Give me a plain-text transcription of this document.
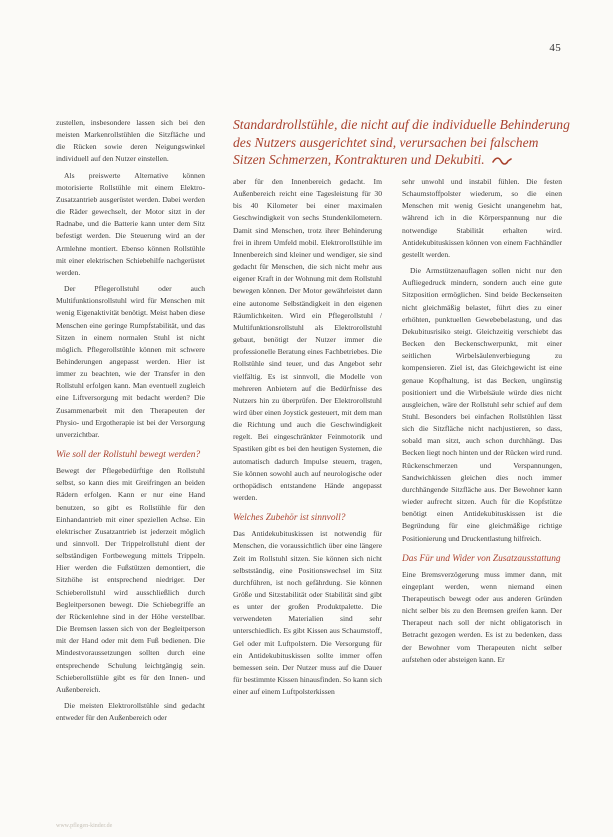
45
Standardrollstühle, die nicht auf die individuelle Behinderung des Nutzers ausgerichtet sind, verursachen bei falschem Sitzen Schmerzen, Kontrakturen und Dekubiti.

zustellen, insbesondere lassen sich bei den meisten Markenrollstühlen die Sitzfläche und die Rücken sowie deren Neigungswinkel individuell auf den Nutzer einstellen.

Als preiswerte Alternative können motorisierte Rollstühle mit einem Elektro-Zusatzantrieb ausgerüstet werden. Dabei werden die Räder gewechselt, der Motor sitzt in der Radnabe, und die Batterie kann unter dem Sitz befestigt werden. Die Steuerung wird an der Armlehne montiert. Ebenso können Rollstühle mit einer elektrischen Schiebehilfe nachgerüstet werden.

Der Pflegerollstuhl oder auch Multifunktionsrollstuhl wird für Menschen mit wenig Eigenaktivität benötigt. Meist haben diese Menschen eine geringe Rumpfstabilität, und das Sitzen in einem normalen Stuhl ist nicht möglich. Pflegerollstühle können mit schwere Behinderungen angepasst werden. Hier ist immer zu beachten, wie der Transfer in den Rollstuhl erfolgen kann. Man eventuell zugleich eine Liftversorgung mit bedacht werden? Die Zusammenarbeit mit den Therapeuten der Physio- und Ergotherapie ist bei der Versorgung unverzichtbar.

Wie soll der Rollstuhl bewegt werden?

Bewegt der Pflegebedürftige den Rollstuhl selbst, so kann dies mit Greifringen an beiden Rädern erfolgen. Kann er nur eine Hand benutzen, so gibt es Rollstühle für den Einhandantrieb mit einer speziellen Achse. Ein elektrischer Zusatzantrieb ist jederzeit möglich und sinnvoll. Der Trippelrollstuhl dient der selbständigen Fortbewegung mittels Trippeln. Hier werden die Fußstützen demontiert, die Sitzhöhe ist entsprechend niedriger. Der Schieberollstuhl wird ausschließlich durch Begleitpersonen bewegt. Die Schiebegriffe an der Rückenlehne sind in der Höhe verstellbar. Die Bremsen lassen sich von der Begleitperson mit der Hand oder mit dem Fuß bedienen. Die Mindestvoraussetzungen sollten durch eine entsprechende Schulung leichtgängig sein. Schieberollstühle gibt es für den Innen- und Außenbereich.

Die meisten Elektrorollstühle sind gedacht entweder für den Außenbereich oder

aber für den Innenbereich gedacht. Im Außenbereich reicht eine Tagesleistung für 30 bis 40 Kilometer bei einer maximalen Geschwindigkeit von sechs Stundenkilometern. Damit sind Menschen, trotz ihrer Behinderung frei in ihrem Umfeld mobil. Elektrorollstühle im Innenbereich sind kleiner und wendiger, sie sind gedacht für Menschen, die sich nicht mehr aus eigener Kraft in der Wohnung mit dem Rollstuhl bewegen können. Der Motor gewährleistet dann eine autonome Selbständigkeit in den eigenen Räumlichkeiten. Wird ein Pflegerollstuhl / Multifunktionsrollstuhl als Elektrorollstuhl gebaut, benötigt der Nutzer immer die professionelle Beratung eines Fachbetriebes. Die Rollstühle sind teuer, und das Angebot sehr vielfältig. Es ist sinnvoll, die Modelle von mehreren Anbietern auf die Bedürfnisse des Nutzers hin zu überprüfen. Der Elektrorollstuhl wird über einen Joystick gesteuert, mit dem man die Richtung und auch die Geschwindigkeit regelt. Bei eingeschränkter Feinmotorik und Spastiken gibt es bei den heutigen Systemen, die automatisch dadurch Impulse steuern, tragen, Sie können sowohl auch auf neurologische oder orthopädisch entstandene Hände angepasst werden.

Welches Zubehör ist sinnvoll?

Das Antidekubituskissen ist notwendig für Menschen, die voraussichtlich über eine längere Zeit im Rollstuhl sitzen. Sie können sich nicht selbstständig, eine Positionswechsel im Sitz durchführen, ist noch gefährdung. Sie können Größe und Sitzstabilität oder Stabilität sind gibt es unter der großen Produktpalette. Die verwendeten Materialien sind sehr unterschiedlich. Es gibt Kissen aus Schaumstoff, Gel oder mit Luftpolstern. Die Versorgung für ein Antidekubituskissen sollte immer offen bemessen sein. Der Nutzer muss auf die Dauer für bestimmte Kissen hinausfinden. So kann sich einer auf einem Luftpolsterkissen

sehr unwohl und instabil fühlen. Die festen Schaumstoffpolster wiederum, so die einen Menschen mit wenig Gesicht unangenehm hat, während ich in die Körperspannung nur die notwendige Stabilität erhalten wird. Antidekubituskissen können von einem Fachhändler gestellt werden.

Die Armstützenauflagen sollen nicht nur den Aufliegedruck mindern, sondern auch eine gute Sitzposition ermöglichen. Sind beide Beckenseiten nicht gleichmäßig belastet, führt dies zu einer erhöhten, punktuellen Gewebebelastung, und das Dekubitusrisiko steigt. Gleichzeitig verschiebt das Becken den Beckenschwerpunkt, mit einer seitlichen Wirbelsäulenverbiegung zu kompensieren. Ziel ist, das Gleichgewicht ist eine genaue Kopfhaltung, ist das Becken, ungünstig positioniert und die Wirbelsäule würde dies nicht ausgleichen, wäre der Rollstuhl sehr schief auf dem Stuhl. Besonders bei einfachen Rollstühlen lässt sich die Sitzfläche nicht nachjustieren, so dass, sobald man sitzt, auch schon durchhängt. Das Becken liegt noch hinten und der Rücken wird rund. Rückenschmerzen und Verspannungen, Sandwichkissen gleichen dies noch immer durchhängende Sitzfläche aus. Der Bewohner kann wieder aufrecht sitzen. Auch für die Kopfstütze benötigt einen Antidekubituskissen ist die Begründung für eine gleichmäßige richtige Positionierung und Druckentlastung hilfreich.

Das Für und Wider von Zusatzausstattung

Eine Bremsverzögerung muss immer dann, mit eingeplant werden, wenn niemand einen Therapeutisch bewegt oder aus anderen Gründen nicht selber bis zu den Bremsen greifen kann. Der Therapeut nach soll der nicht obligatorisch in Betracht gezogen werden. Es ist zu bedenken, dass der Bewohner vom Therapeuten nicht selber aufstehen oder absteigen kann. Er

www.pflegen-kinder.de
